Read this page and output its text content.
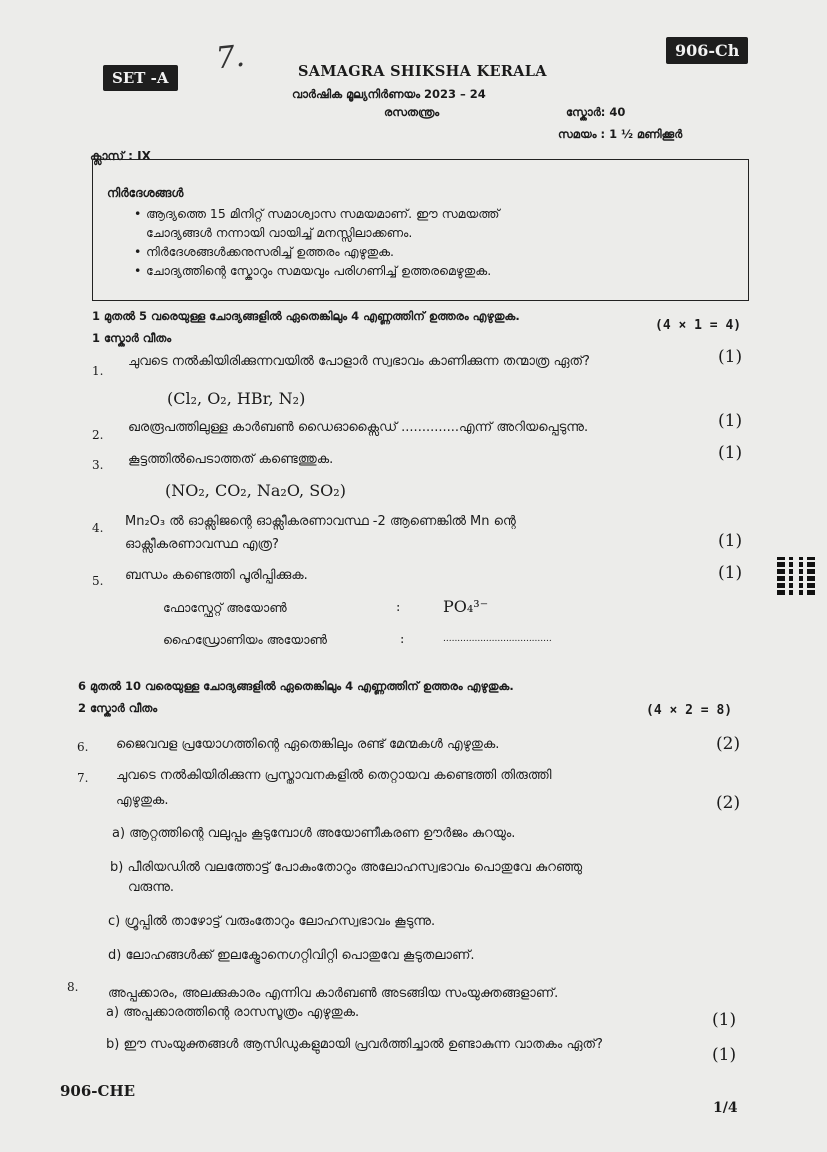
SET -A
7.	906-Ch
SAMAGRA SHIKSHA KERALA
വാർഷിക മൂല്യനിർണയം 2023 – 24
രസതന്ത്രം	സ്കോർ: 40
സമയം : 1 ½ മണിക്കൂർ
ക്ലാസ് : IX
നിർദേശങ്ങൾ
• ആദ്യത്തെ 15 മിനിറ്റ് സമാശ്വാസ സമയമാണ്. ഈ സമയത്ത്
ചോദ്യങ്ങൾ നന്നായി വായിച്ച് മനസ്സിലാക്കണം.
• നിർദേശങ്ങൾക്കനുസരിച്ച് ഉത്തരം എഴുതുക.
• ചോദ്യത്തിന്റെ സ്കോറും സമയവും പരിഗണിച്ച് ഉത്തരമെഴുതുക.
1 മുതൽ 5 വരെയുള്ള ചോദ്യങ്ങളിൽ ഏതെങ്കിലും 4 എണ്ണത്തിന് ഉത്തരം എഴുതുക.
1 സ്കോർ വീതം
(4 × 1 = 4)
1.
ചുവടെ നൽകിയിരിക്കുന്നവയിൽ പോളാർ സ്വഭാവം കാണിക്കുന്ന തന്മാത്ര ഏത്?	(1)
(Cl₂, O₂, HBr, N₂)
2. ഖരരൂപത്തിലുള്ള കാർബൺ ഡൈഓക്സൈഡ് ..............എന്ന് അറിയപ്പെടുന്നു.	(1)
3. കൂട്ടത്തിൽപെടാത്തത് കണ്ടെത്തുക.	(1)
(NO₂, CO₂, Na₂O, SO₂)
4. Mn₂O₃ ൽ ഓക്സിജന്റെ ഓക്സീകരണാവസ്ഥ -2 ആണെങ്കിൽ Mn ന്റെ
ഓക്സീകരണാവസ്ഥ എത്ര?	(1)
5. ബന്ധം കണ്ടെത്തി പൂരിപ്പിക്കുക.	(1)
ഫോസ്ഫേറ്റ് അയോൺ	:	PO₄³⁻
ഹൈഡ്രോണിയം അയോൺ	:	......................................
6 മുതൽ 10 വരെയുള്ള ചോദ്യങ്ങളിൽ ഏതെങ്കിലും 4 എണ്ണത്തിന് ഉത്തരം എഴുതുക.
2 സ്കോർ വീതം	(4 × 2 = 8)
6. ജൈവവള പ്രയോഗത്തിന്റെ ഏതെങ്കിലും രണ്ട് മേന്മകൾ എഴുതുക.	(2)
7. ചുവടെ നൽകിയിരിക്കുന്ന പ്രസ്താവനകളിൽ തെറ്റായവ കണ്ടെത്തി തിരുത്തി
എഴുതുക.	(2)
a) ആറ്റത്തിന്റെ വലുപ്പം കൂടുമ്പോൾ അയോണീകരണ ഊർജം കുറയും.
b) പീരിയഡിൽ വലത്തോട്ട് പോകുംതോറും അലോഹസ്വഭാവം പൊതുവേ കുറഞ്ഞു
വരുന്നു.
c) ഗ്രൂപ്പിൽ താഴോട്ട് വരുംതോറും ലോഹസ്വഭാവം കൂടുന്നു.
d) ലോഹങ്ങൾക്ക് ഇലക്ട്രോനെഗറ്റിവിറ്റി പൊതുവേ കൂടുതലാണ്.
8. അപ്പക്കാരം, അലക്കുകാരം എന്നിവ കാർബൺ അടങ്ങിയ സംയുക്തങ്ങളാണ്.
a) അപ്പക്കാരത്തിന്റെ രാസസൂത്രം എഴുതുക.	(1)
b) ഈ സംയുക്തങ്ങൾ ആസിഡുകളുമായി പ്രവർത്തിച്ചാൽ ഉണ്ടാകുന്ന വാതകം ഏത്?
(1)
906-CHE
1/4
